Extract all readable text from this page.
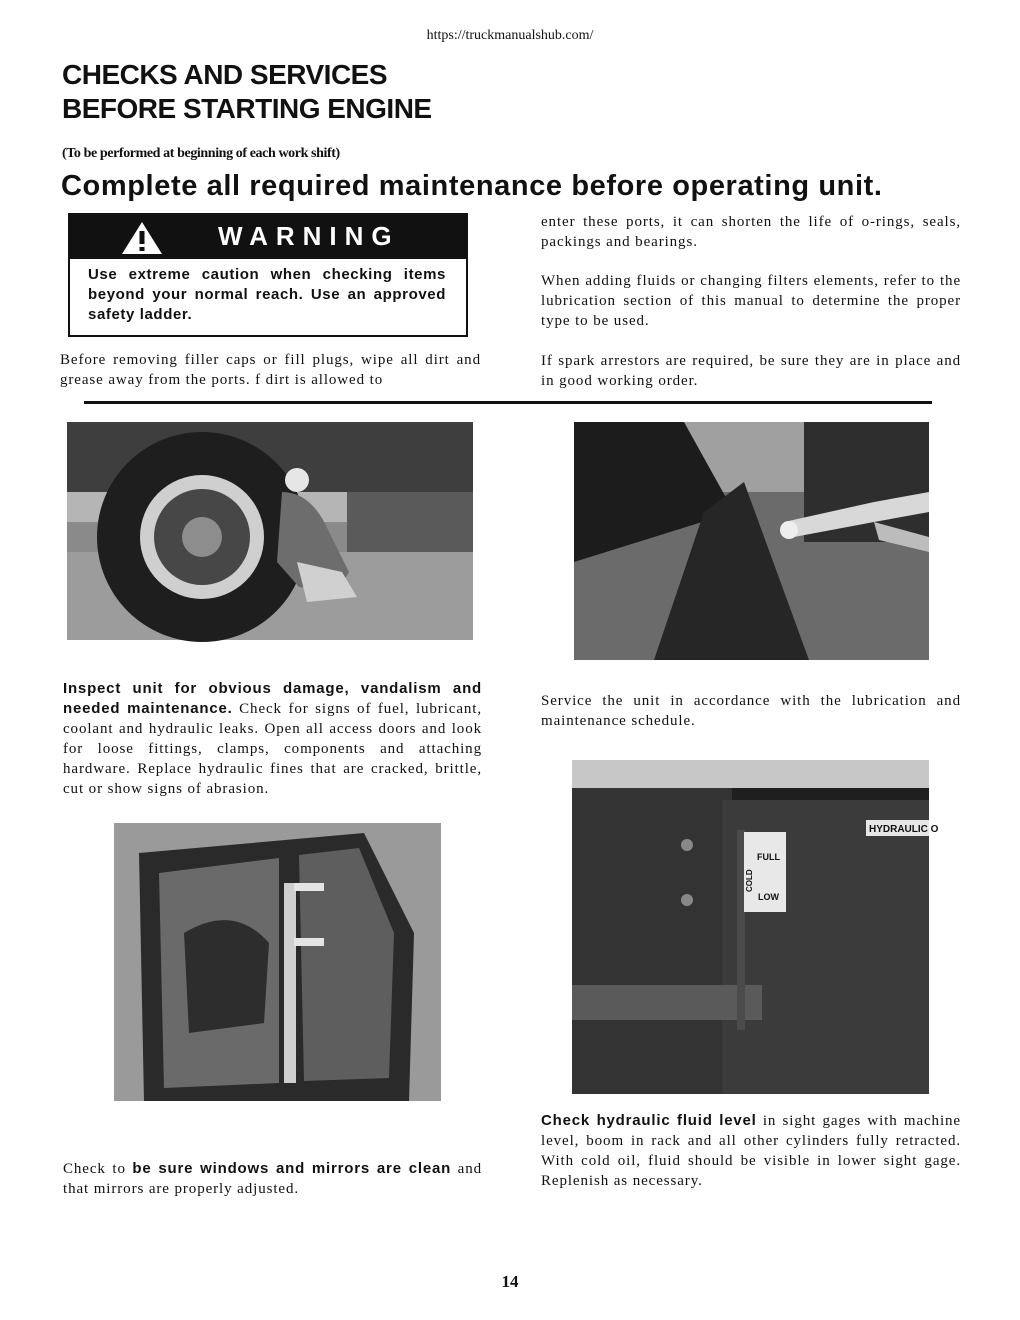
https://truckmanualshub.com/
CHECKS AND SERVICES
BEFORE STARTING ENGINE
(To be performed at beginning of each work shift)
Complete all required maintenance before operating unit.
WARNING
Use extreme caution when checking items beyond your normal reach. Use an approved safety ladder.
Before removing filler caps or fill plugs, wipe all dirt and grease away from the ports. f dirt is allowed to
enter these ports, it can shorten the life of o-rings, seals, packings and bearings.
When adding fluids or changing filters elements, refer to the lubrication section of this manual to determine the proper type to be used.
If spark arrestors are required, be sure they are in place and in good working order.
Inspect unit for obvious damage, vandalism and needed maintenance. Check for signs of fuel, lubricant, coolant and hydraulic leaks. Open all access doors and look for loose fittings, clamps, components and attaching hardware. Replace hydraulic fines that are cracked, brittle, cut or show signs of abrasion.
Service the unit in accordance with the lubrication and maintenance schedule.
HYDRAULIC O
FULL
LOW
COLD
Check hydraulic fluid level in sight gages with machine level, boom in rack and all other cylinders fully retracted. With cold oil, fluid should be visible in lower sight gage. Replenish as necessary.
Check to be sure windows and mirrors are clean and that mirrors are properly adjusted.
14
